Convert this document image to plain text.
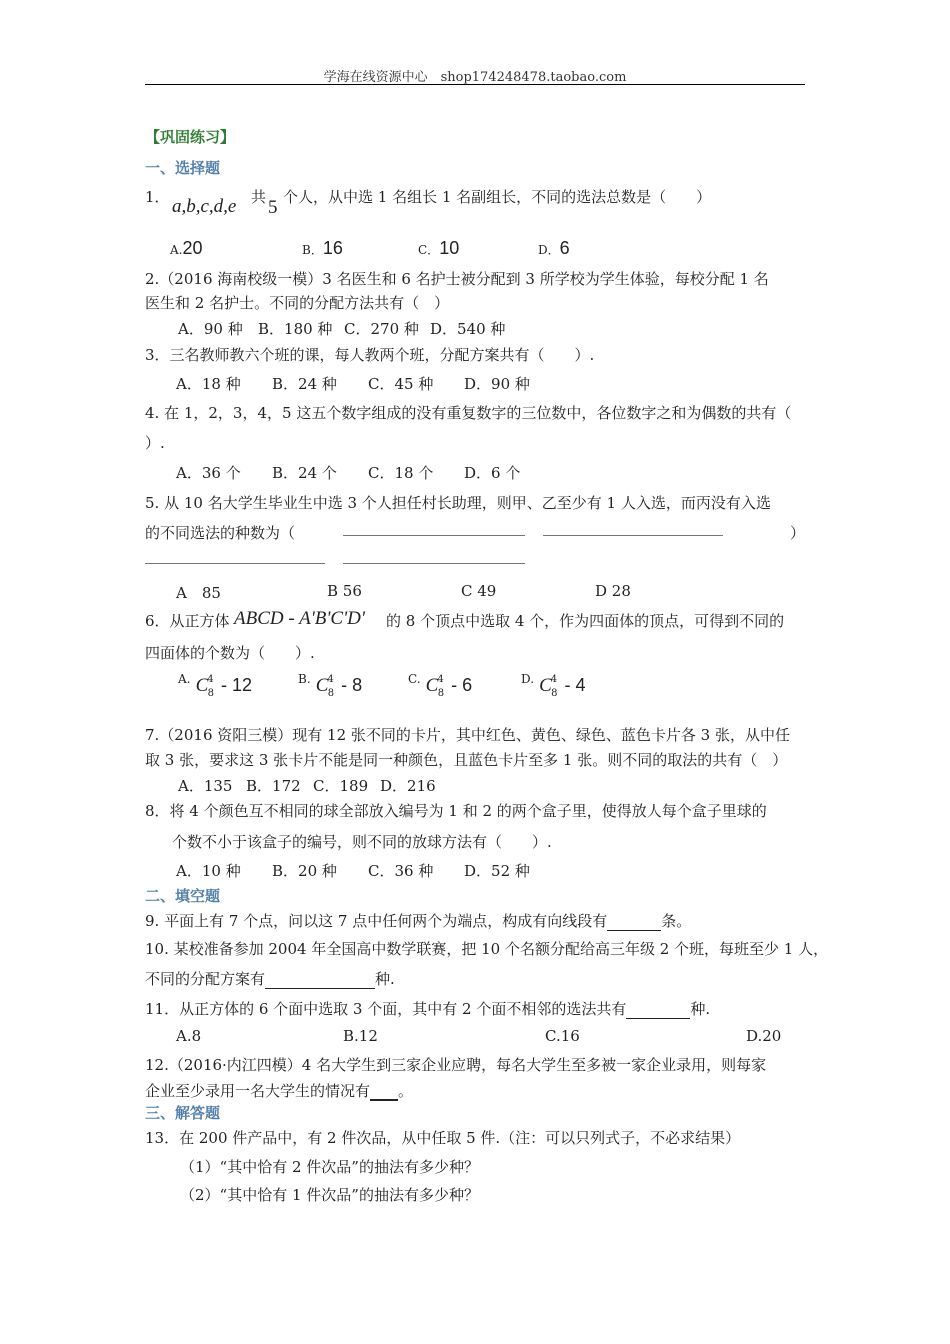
学海在线资源中心　shop174248478.taobao.com
【巩固练习】
一、选择题
1． a,b,c,d,e 共 5 个人，从中选 1 名组长 1 名副组长，不同的选法总数是（　　）
A.20	B．16	C．10	D．6
2.（2016 海南校级一模）3 名医生和 6 名护士被分配到 3 所学校为学生体验，每校分配 1 名
医生和 2 名护士。不同的分配方法共有（　）
A．90 种 B．180 种 C．270 种 D．540 种
3．三名教师教六个班的课，每人教两个班，分配方案共有（　　）.
A．18 种 B．24 种 C．45 种 D．90 种
4. 在 1，2，3，4，5 这五个数字组成的没有重复数字的三位数中，各位数字之和为偶数的共有（
）.
A．36 个 B．24 个 C．18 个 D．6 个
5. 从 10 名大学生毕业生中选 3 个人担任村长助理，则甲、乙至少有 1 人入选，而丙没有入选
的不同选法的种数为（	）
A　85	B 56	C 49	D 28
6．从正方体 ABCD - A'B'C'D' 的 8 个顶点中选取 4 个，作为四面体的顶点，可得到不同的
四面体的个数为（　　）.
$^{A.}$ $C^4_8 - 12$	$^{B.}$ $C^4_8 - 8$	$^{C.}$ $C^4_8 - 6$	$^{D.}$ $C^4_8 - 4$
7.（2016 资阳三模）现有 12 张不同的卡片，其中红色、黄色、绿色、蓝色卡片各 3 张，从中任
取 3 张，要求这 3 张卡片不能是同一种颜色，且蓝色卡片至多 1 张。则不同的取法的共有（　）
A．135 B．172 C．189 D．216
8．将 4 个颜色互不相同的球全部放入编号为 1 和 2 的两个盒子里，使得放人每个盒子里球的
个数不小于该盒子的编号，则不同的放球方法有（　　）.
A．10 种 B．20 种 C．36 种 D．52 种
二、填空题
9. 平面上有 7 个点，问以这 7 点中任何两个为端点，构成有向线段有	条。
10. 某校准备参加 2004 年全国高中数学联赛，把 10 个名额分配给高三年级 2 个班，每班至少 1 人，
不同的分配方案有	种.
11．从正方体的 6 个面中选取 3 个面，其中有 2 个面不相邻的选法共有	种.
A.8	B.12	C.16	D.20
12.（2016·内江四模）4 名大学生到三家企业应聘，每名大学生至多被一家企业录用，则每家
企业至少录用一名大学生的情况有 。
三、解答题
13．在 200 件产品中，有 2 件次品，从中任取 5 件.（注：可以只列式子，不必求结果）
（1）“其中恰有 2 件次品”的抽法有多少种？
（2）“其中恰有 1 件次品”的抽法有多少种？
